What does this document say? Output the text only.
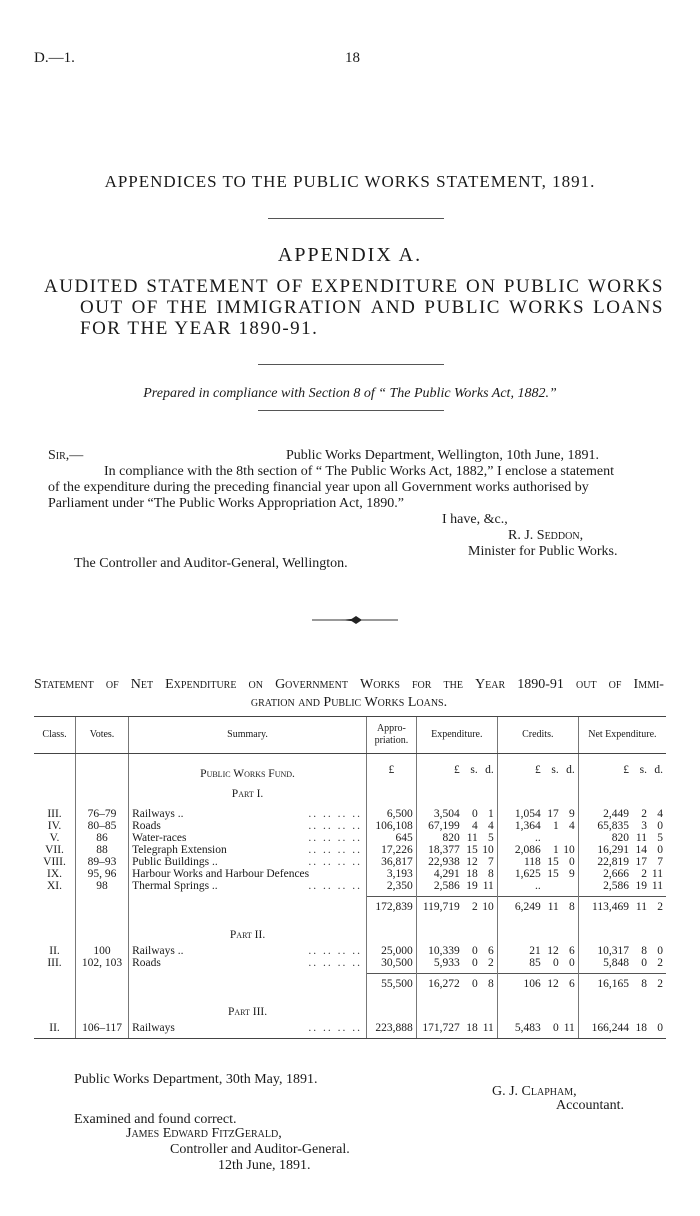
D.—1.	18
APPENDICES TO THE PUBLIC WORKS STATEMENT, 1891.
APPENDIX A.
AUDITED STATEMENT OF EXPENDITURE ON PUBLIC WORKS
OUT OF THE IMMIGRATION AND PUBLIC WORKS LOANS
FOR THE YEAR 1890-91.
Prepared in compliance with Section 8 of “ The Public Works Act, 1882.”
Sir,—	Public Works Department, Wellington, 10th June, 1891.
In compliance with the 8th section of “ The Public Works Act, 1882,” I enclose a statement
of the expenditure during the preceding financial year upon all Government works authorised by
Parliament under “The Public Works Appropriation Act, 1890.”
I have, &c.,
R. J. Seddon,
Minister for Public Works.
The Controller and Auditor-General, Wellington.
Statement of Net Expenditure on Government Works for the Year 1890-91 out of Immi-
gration and Public Works Loans.
Class.	Votes.	Summary.	Appro-priation.	Expenditure.	Credits.	Net Expenditure.

		Public Works Fund.	£	£ s. d.	£ s. d.	£ s. d.

		Part I.				

III.	76–79	Railways .. .. .. .. ..	6,500	3,504 0 1	1,054 17 9	2,449 2 4

IV.	80–85	Roads .. .. .. ..	106,108	67,199 4 4	1,364 1 4	65,835 3 0

V.	86	Water-races .. .. .. ..	645	820 11 5	..	820 11 5

VII.	88	Telegraph Extension .. .. .. ..	17,226	18,377 15 10	2,086 1 10	16,291 14 0

VIII.	89–93	Public Buildings .. .. .. .. ..	36,817	22,938 12 7	118 15 0	22,819 17 7

IX.	95, 96	Harbour Works and Harbour Defences	3,193	4,291 18 8	1,625 15 9	2,666 2 11

XI.	98	Thermal Springs .. .. .. .. ..	2,350	2,586 19 11	..	2,586 19 11

			172,839	119,719 2 10	6,249 11 8	113,469 11 2

		Part II.				
II.	100	Railways .. .. .. .. ..	25,000	10,339 0 6	21 12 6	10,317 8 0

III.	102, 103	Roads .. .. .. ..	30,500	5,933 0 2	85 0 0	5,848 0 2

			55,500	16,272 0 8	106 12 6	16,165 8 2

		Part III.				
II.	106–117	Railways .. .. .. ..	223,888	171,727 18 11	5,483 0 11	166,244 18 0

Public Works Department, 30th May, 1891.
G. J. Clapham,
Accountant.
Examined and found correct.
James Edward FitzGerald,
Controller and Auditor-General.
12th June, 1891.
